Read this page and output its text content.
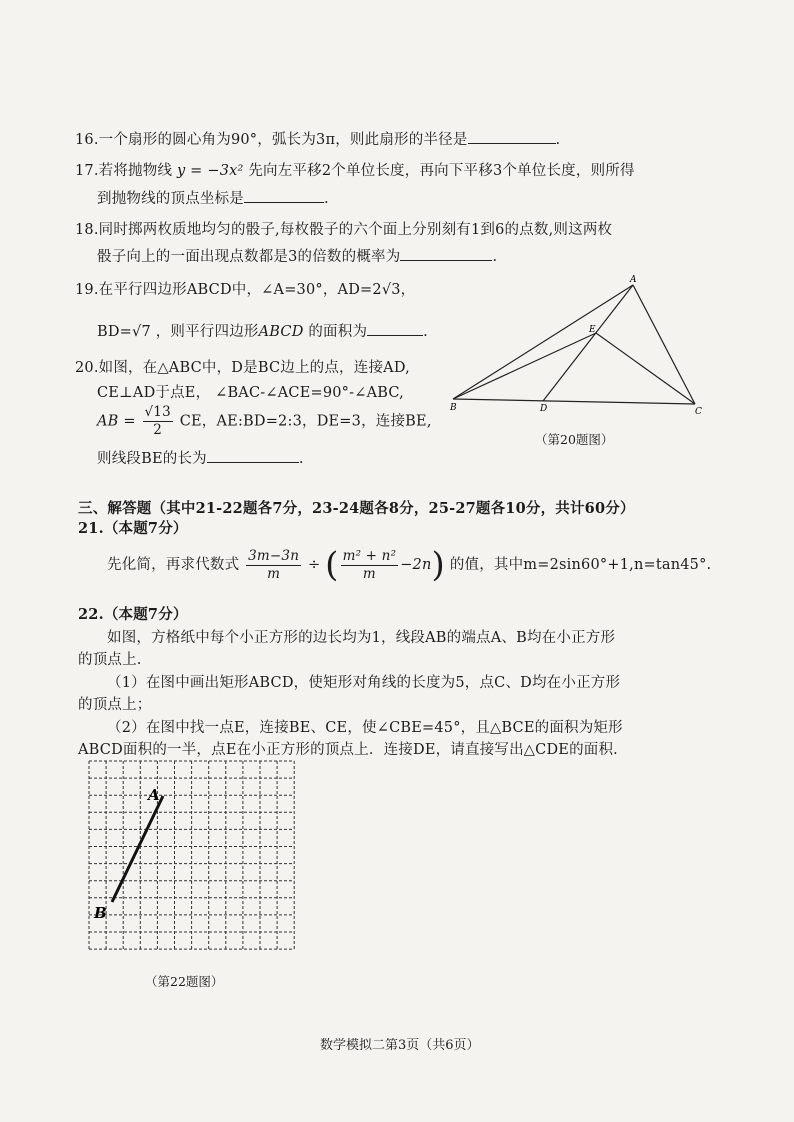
16.一个扇形的圆心角为90°，弧长为3π，则此扇形的半径是	.
17.若将抛物线 y = −3x² 先向左平移2个单位长度，再向下平移3个单位长度，则所得
到抛物线的顶点坐标是	.
18.同时掷两枚质地均匀的骰子,每枚骰子的六个面上分别刻有1到6的点数,则这两枚
骰子向上的一面出现点数都是3的倍数的概率为	.
19.在平行四边形ABCD中，∠A=30°，AD=2√3，
BD=√7 ，则平行四边形ABCD 的面积为	.
20.如图，在△ABC中，D是BC边上的点，连接AD,
CE⊥AD于点E， ∠BAC-∠ACE=90°-∠ABC,
AB = $\frac{√13}{2}$ CE，AE:BD=2:3，DE=3，连接BE,
则线段BE的长为	.
A
E
B	D	C
（第20题图）
三、解答题（其中21-22题各7分，23-24题各8分，25-27题各10分，共计60分）
21.（本题7分）
先化简，再求代数式 $\frac{3m-3n}{m}$ ÷ ( $\frac{\text{m² + n²}}{m} -2n$) 的值，其中m=2sin60°+1,n=tan45°.
22.（本题7分）
如图，方格纸中每个小正方形的边长均为1，线段AB的端点A、B均在小正方形
的顶点上.
（1）在图中画出矩形ABCD，使矩形对角线的长度为5，点C、D均在小正方形
的顶点上；
（2）在图中找一点E，连接BE、CE，使∠CBE=45°，且△BCE的面积为矩形
ABCD面积的一半，点E在小正方形的顶点上．连接DE，请直接写出△CDE的面积.
A
B
（第22题图）
数学模拟二第3页（共6页）
